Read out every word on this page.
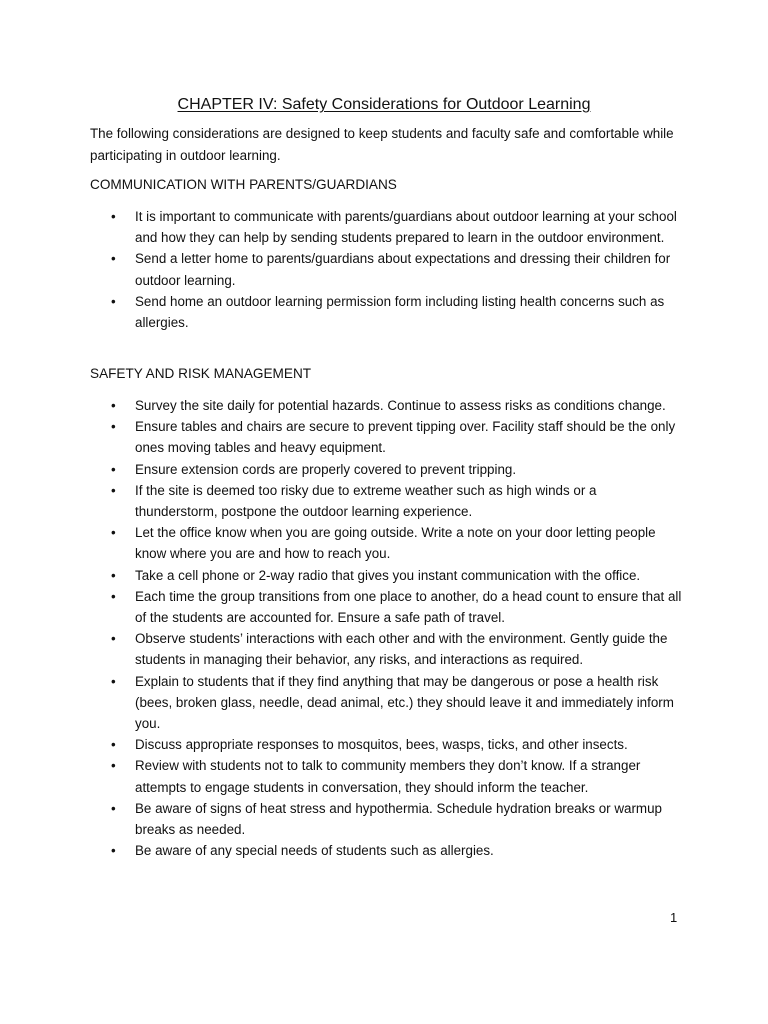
CHAPTER IV: Safety Considerations for Outdoor Learning
The following considerations are designed to keep students and faculty safe and comfortable while participating in outdoor learning.
COMMUNICATION WITH PARENTS/GUARDIANS
• It is important to communicate with parents/guardians about outdoor learning at your school and how they can help by sending students prepared to learn in the outdoor environment.
• Send a letter home to parents/guardians about expectations and dressing their children for outdoor learning.
• Send home an outdoor learning permission form including listing health concerns such as allergies.
SAFETY AND RISK MANAGEMENT
• Survey the site daily for potential hazards. Continue to assess risks as conditions change.
• Ensure tables and chairs are secure to prevent tipping over. Facility staff should be the only ones moving tables and heavy equipment.
• Ensure extension cords are properly covered to prevent tripping.
• If the site is deemed too risky due to extreme weather such as high winds or a thunderstorm, postpone the outdoor learning experience.
• Let the office know when you are going outside. Write a note on your door letting people know where you are and how to reach you.
• Take a cell phone or 2-way radio that gives you instant communication with the office.
• Each time the group transitions from one place to another, do a head count to ensure that all of the students are accounted for. Ensure a safe path of travel.
• Observe students’ interactions with each other and with the environment. Gently guide the students in managing their behavior, any risks, and interactions as required.
• Explain to students that if they find anything that may be dangerous or pose a health risk (bees, broken glass, needle, dead animal, etc.) they should leave it and immediately inform you.
• Discuss appropriate responses to mosquitos, bees, wasps, ticks, and other insects.
• Review with students not to talk to community members they don’t know. If a stranger attempts to engage students in conversation, they should inform the teacher.
• Be aware of signs of heat stress and hypothermia. Schedule hydration breaks or warmup breaks as needed.
• Be aware of any special needs of students such as allergies.
1
